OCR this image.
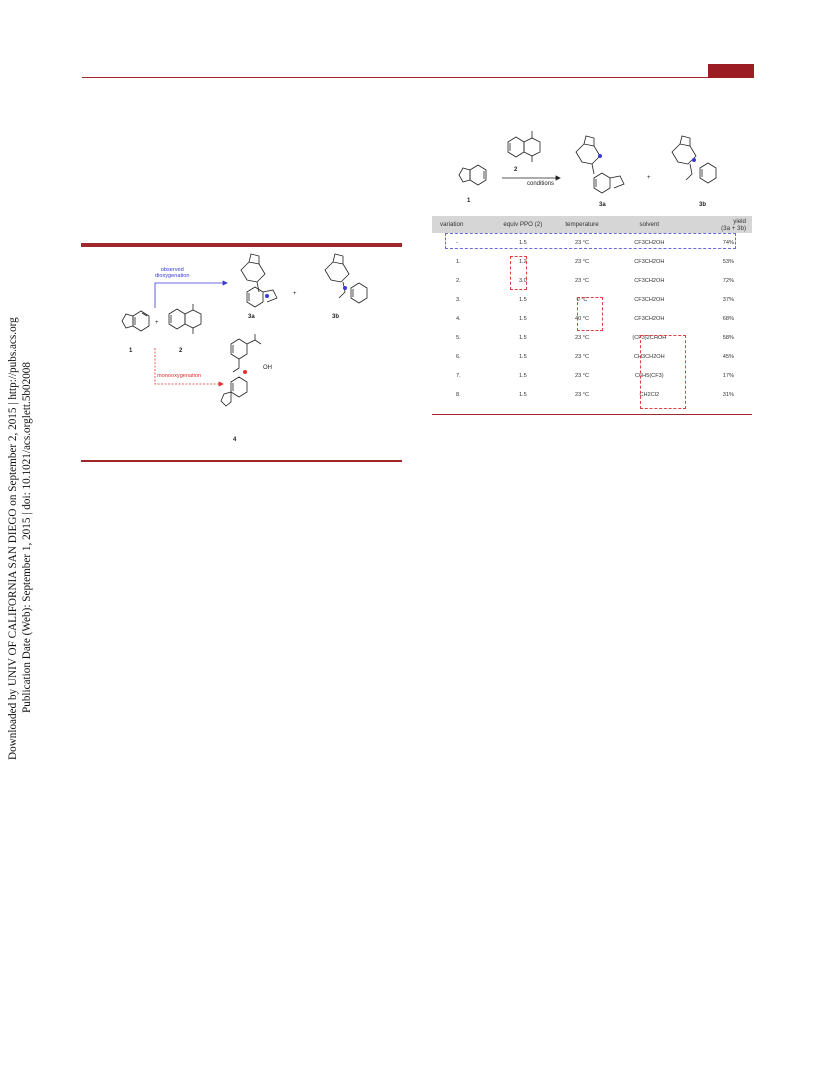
Downloaded by UNIV OF CALIFORNIA SAN DIEGO on September 2, 2015 | http://pubs.acs.org Publication Date (Web): September 1, 2015 | doi: 10.1021/acs.orglett.5b02008
observed
dioxygenation
monooxygenation
1	2
3a	3b
4
+
+
OH
2
conditions
1
3a	3b
+
variation	equiv PPO (2)	temperature	solvent	yield
(3a + 3b)
-	1.5	23 °C	CF3CH2OH	74%
1.	1.2	23 °C	CF3CH2OH	53%
2.	3.0	23 °C	CF3CH2OH	72%
3.	1.5	0 °C	CF3CH2OH	37%
4.	1.5	40 °C	CF3CH2OH	68%
5.	1.5	23 °C	(CF3)2CHOH	58%
6.	1.5	23 °C	CH3CH2OH	45%
7.	1.5	23 °C	C6H5(CF3)	17%
8.	1.5	23 °C	CH2Cl2	31%
